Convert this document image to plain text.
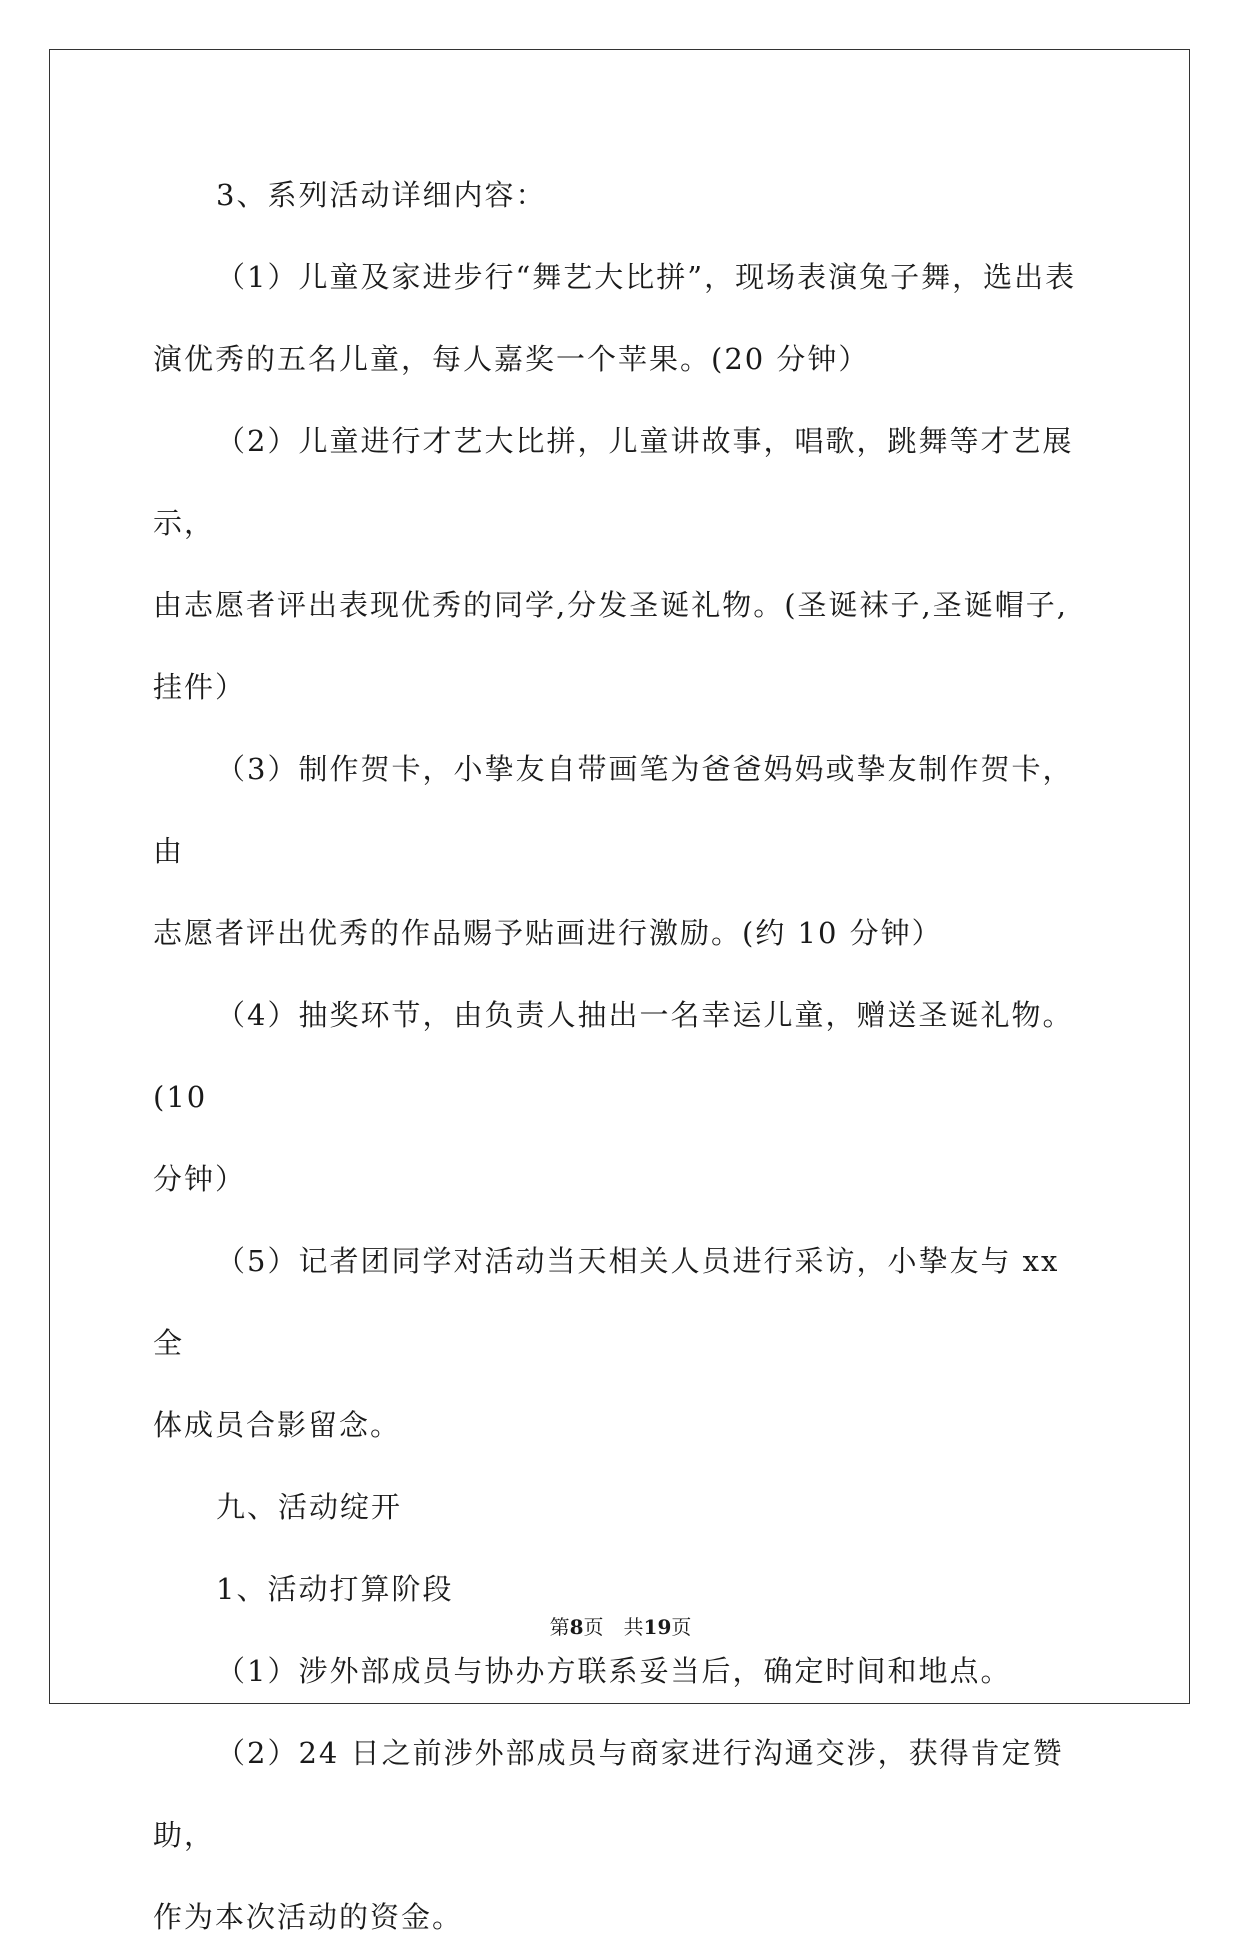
3、系列活动详细内容：

（1）儿童及家进步行“舞艺大比拼”，现场表演兔子舞，选出表

演优秀的五名儿童，每人嘉奖一个苹果。(20 分钟）

（2）儿童进行才艺大比拼，儿童讲故事，唱歌，跳舞等才艺展示，

由志愿者评出表现优秀的同学,分发圣诞礼物。(圣诞袜子,圣诞帽子,

挂件）

（3）制作贺卡，小挚友自带画笔为爸爸妈妈或挚友制作贺卡，由

志愿者评出优秀的作品赐予贴画进行激励。(约 10 分钟）

（4）抽奖环节，由负责人抽出一名幸运儿童，赠送圣诞礼物。(10

分钟）

（5）记者团同学对活动当天相关人员进行采访，小挚友与 xx 全

体成员合影留念。

九、活动绽开

1、活动打算阶段

（1）涉外部成员与协办方联系妥当后，确定时间和地点。

（2）24 日之前涉外部成员与商家进行沟通交涉，获得肯定赞助，

作为本次活动的资金。

第8页　共19页
